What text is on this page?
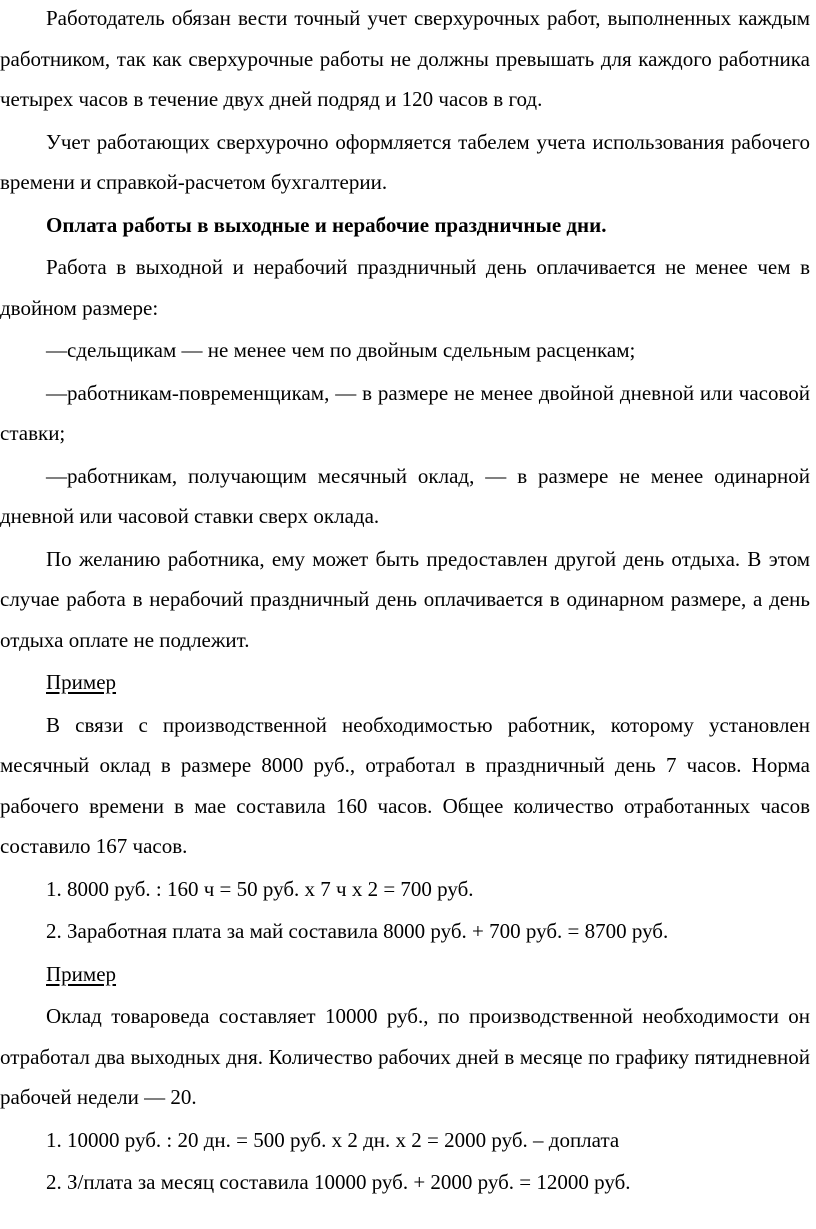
Работодатель обязан вести точный учет сверхурочных работ, выполненных каждым работником, так как сверхурочные работы не должны превышать для каждого работника четырех часов в течение двух дней подряд и 120 часов в год.

Учет работающих сверхурочно оформляется табелем учета использования рабочего времени и справкой-расчетом бухгалтерии.

Оплата работы в выходные и нерабочие праздничные дни.

Работа в выходной и нерабочий праздничный день оплачивается не менее чем в двойном размере:

—сдельщикам — не менее чем по двойным сдельным расценкам;

—работникам-повременщикам, — в размере не менее двойной дневной или часовой ставки;

—работникам, получающим месячный оклад, — в размере не менее одинарной дневной или часовой ставки сверх оклада.

По желанию работника, ему может быть предоставлен другой день отдыха. В этом случае работа в нерабочий праздничный день оплачивается в одинарном размере, а день отдыха оплате не подлежит.

Пример

В связи с производственной необходимостью работник, которому установлен месячный оклад в размере 8000 руб., отработал в праздничный день 7 часов. Норма рабочего времени в мае составила 160 часов. Общее количество отработанных часов составило 167 часов.

1. 8000 руб. : 160 ч = 50 руб. х 7 ч х 2 = 700 руб.

2. Заработная плата за май составила 8000 руб. + 700 руб. = 8700 руб.

Пример

Оклад товароведа составляет 10000 руб., по производственной необходимости он отработал два выходных дня. Количество рабочих дней в месяце по графику пятидневной рабочей недели — 20.

1. 10000 руб. : 20 дн. = 500 руб. х 2 дн. х 2 = 2000 руб. – доплата

2. З/плата за месяц составила 10000 руб. + 2000 руб. = 12000 руб.
